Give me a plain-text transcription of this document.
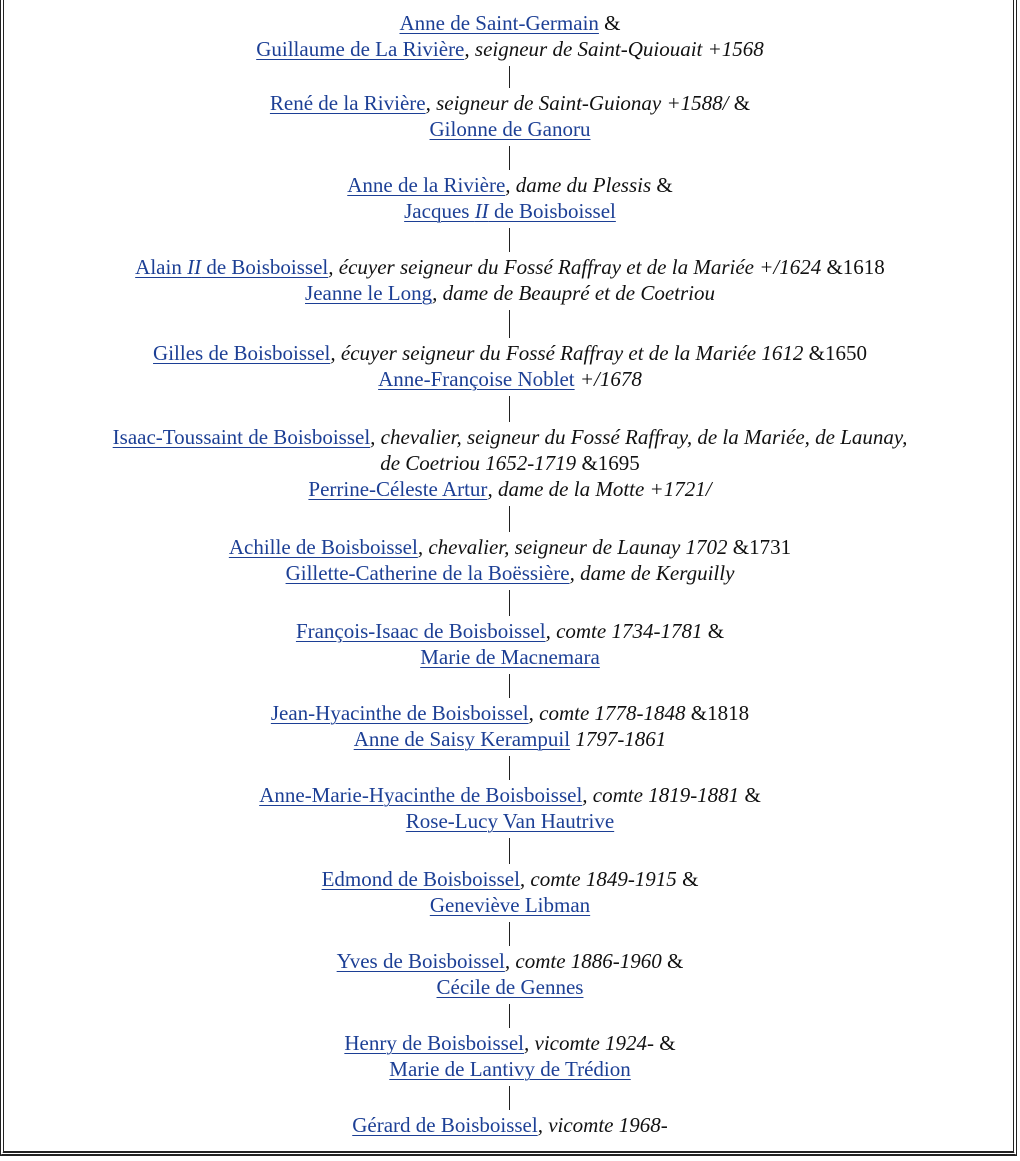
Anne de Saint-Germain &
Guillaume de La Rivière, seigneur de Saint-Quiouait +1568
René de la Rivière, seigneur de Saint-Guionay +1588/ &
Gilonne de Ganoru
Anne de la Rivière, dame du Plessis &
Jacques II de Boisboissel
Alain II de Boisboissel, écuyer seigneur du Fossé Raffray et de la Mariée +/1624 &1618
Jeanne le Long, dame de Beaupré et de Coetriou
Gilles de Boisboissel, écuyer seigneur du Fossé Raffray et de la Mariée 1612 &1650
Anne-Françoise Noblet +/1678
Isaac-Toussaint de Boisboissel, chevalier, seigneur du Fossé Raffray, de la Mariée, de Launay,
de Coetriou 1652-1719 &1695
Perrine-Céleste Artur, dame de la Motte +1721/
Achille de Boisboissel, chevalier, seigneur de Launay 1702 &1731
Gillette-Catherine de la Boëssière, dame de Kerguilly
François-Isaac de Boisboissel, comte 1734-1781 &
Marie de Macnemara
Jean-Hyacinthe de Boisboissel, comte 1778-1848 &1818
Anne de Saisy Kerampuil 1797-1861
Anne-Marie-Hyacinthe de Boisboissel, comte 1819-1881 &
Rose-Lucy Van Hautrive
Edmond de Boisboissel, comte 1849-1915 &
Geneviève Libman
Yves de Boisboissel, comte 1886-1960 &
Cécile de Gennes
Henry de Boisboissel, vicomte 1924- &
Marie de Lantivy de Trédion
Gérard de Boisboissel, vicomte 1968-
